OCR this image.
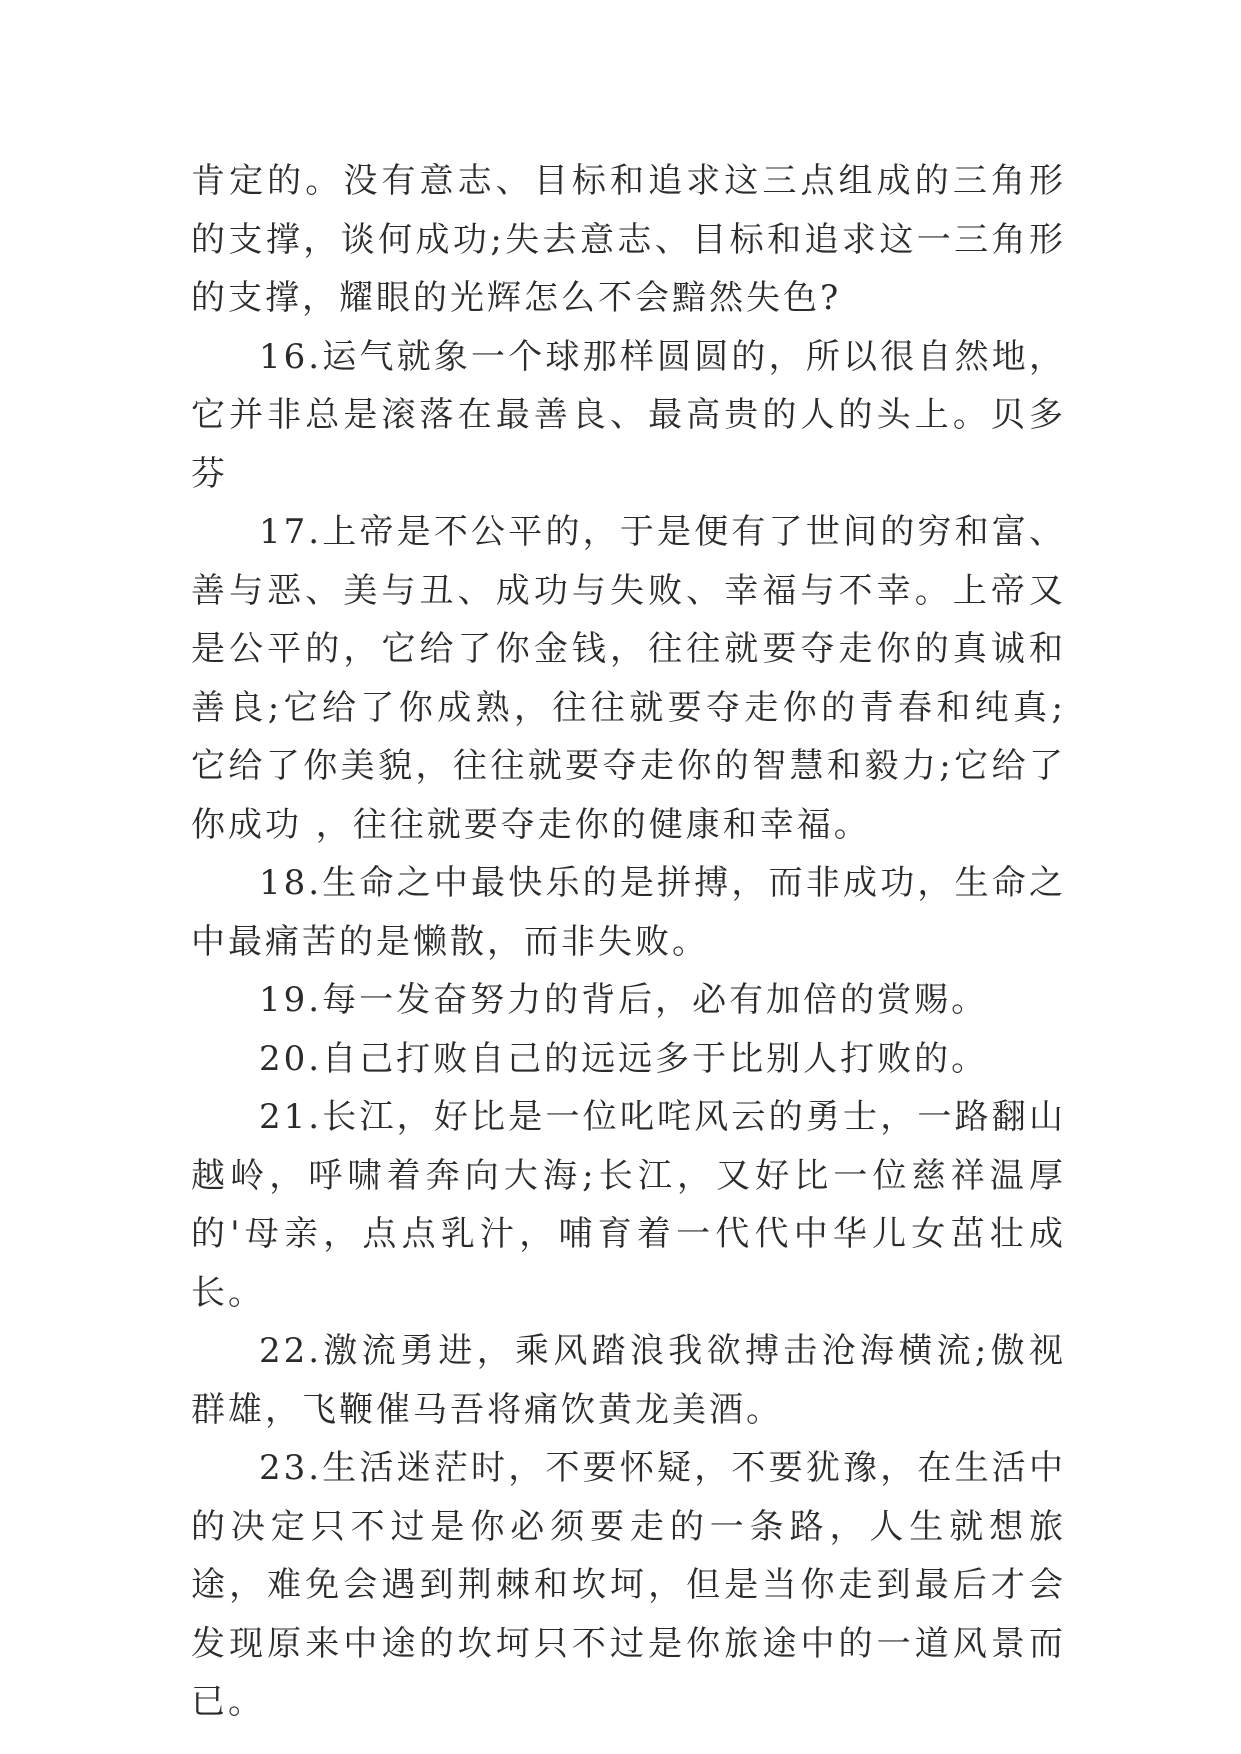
肯定的。没有意志、目标和追求这三点组成的三角形的支撑，谈何成功;失去意志、目标和追求这一三角形的支撑，耀眼的光辉怎么不会黯然失色?

16.运气就象一个球那样圆圆的，所以很自然地，它并非总是滚落在最善良、最高贵的人的头上。贝多芬

17.上帝是不公平的，于是便有了世间的穷和富、善与恶、美与丑、成功与失败、幸福与不幸。上帝又是公平的，它给了你金钱，往往就要夺走你的真诚和善良;它给了你成熟，往往就要夺走你的青春和纯真;它给了你美貌，往往就要夺走你的智慧和毅力;它给了你成功 ，往往就要夺走你的健康和幸福。

18.生命之中最快乐的是拼搏，而非成功，生命之中最痛苦的是懒散，而非失败。

19.每一发奋努力的背后，必有加倍的赏赐。

20.自己打败自己的远远多于比别人打败的。

21.长江，好比是一位叱咤风云的勇士，一路翻山越岭，呼啸着奔向大海;长江，又好比一位慈祥温厚的'母亲，点点乳汁，哺育着一代代中华儿女茁壮成长。

22.激流勇进，乘风踏浪我欲搏击沧海横流;傲视群雄，飞鞭催马吾将痛饮黄龙美酒。

23.生活迷茫时，不要怀疑，不要犹豫，在生活中的决定只不过是你必须要走的一条路，人生就想旅途，难免会遇到荆棘和坎坷，但是当你走到最后才会发现原来中途的坎坷只不过是你旅途中的一道风景而已。
